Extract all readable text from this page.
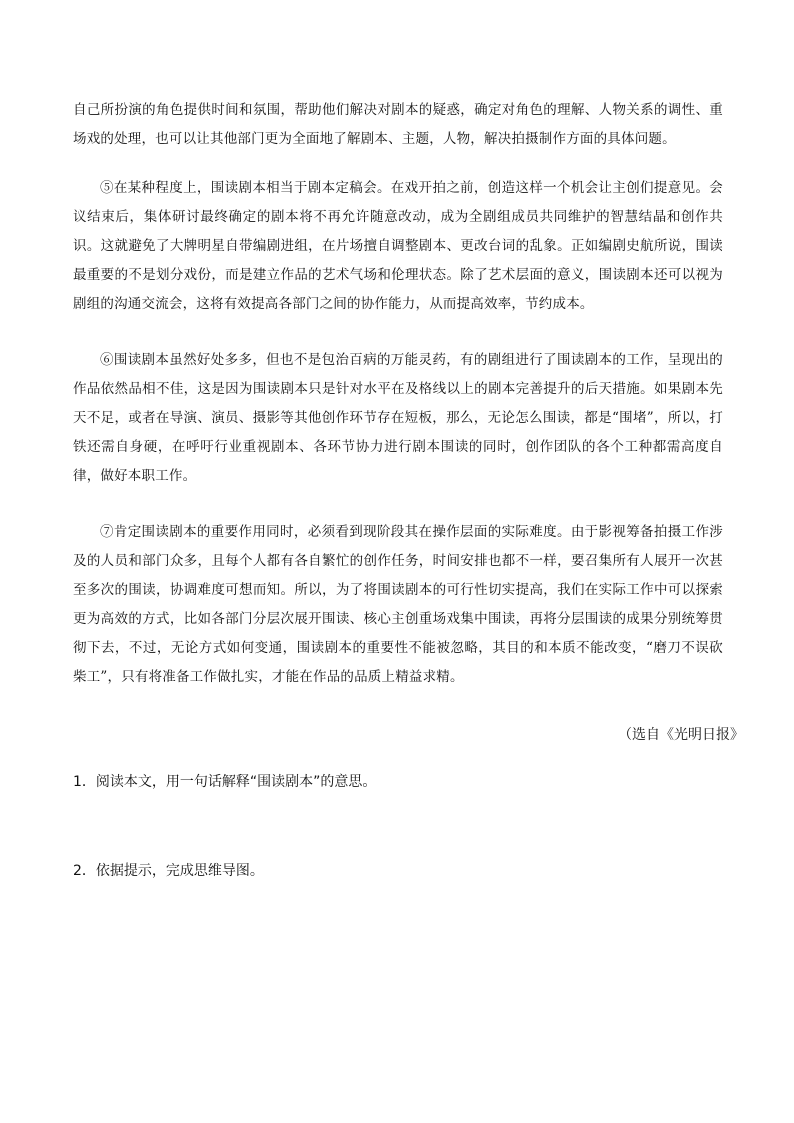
自己所扮演的角色提供时间和氛围，帮助他们解决对剧本的疑惑，确定对角色的理解、人物关系的调性、重场戏的处理，也可以让其他部门更为全面地了解剧本、主题，人物，解决拍摄制作方面的具体问题。

⑤在某种程度上，围读剧本相当于剧本定稿会。在戏开拍之前，创造这样一个机会让主创们提意见。会议结束后，集体研讨最终确定的剧本将不再允许随意改动，成为全剧组成员共同维护的智慧结晶和创作共识。这就避免了大牌明星自带编剧进组，在片场擅自调整剧本、更改台词的乱象。正如编剧史航所说，围读最重要的不是划分戏份，而是建立作品的艺术气场和伦理状态。除了艺术层面的意义，围读剧本还可以视为剧组的沟通交流会，这将有效提高各部门之间的协作能力，从而提高效率，节约成本。

⑥围读剧本虽然好处多多，但也不是包治百病的万能灵药，有的剧组进行了围读剧本的工作，呈现出的作品依然品相不佳，这是因为围读剧本只是针对水平在及格线以上的剧本完善提升的后天措施。如果剧本先天不足，或者在导演、演员、摄影等其他创作环节存在短板，那么，无论怎么围读，都是“围堵”，所以，打铁还需自身硬，在呼吁行业重视剧本、各环节协力进行剧本围读的同时，创作团队的各个工种都需高度自律，做好本职工作。

⑦肯定围读剧本的重要作用同时，必须看到现阶段其在操作层面的实际难度。由于影视筹备拍摄工作涉及的人员和部门众多，且每个人都有各自繁忙的创作任务，时间安排也都不一样，要召集所有人展开一次甚至多次的围读，协调难度可想而知。所以，为了将围读剧本的可行性切实提高，我们在实际工作中可以探索更为高效的方式，比如各部门分层次展开围读、核心主创重场戏集中围读，再将分层围读的成果分别统筹贯彻下去，不过，无论方式如何变通，围读剧本的重要性不能被忽略，其目的和本质不能改变，“磨刀不误砍柴工”，只有将准备工作做扎实，才能在作品的品质上精益求精。

（选自《光明日报》
1．阅读本文，用一句话解释“围读剧本”的意思。
2．依据提示，完成思维导图。
